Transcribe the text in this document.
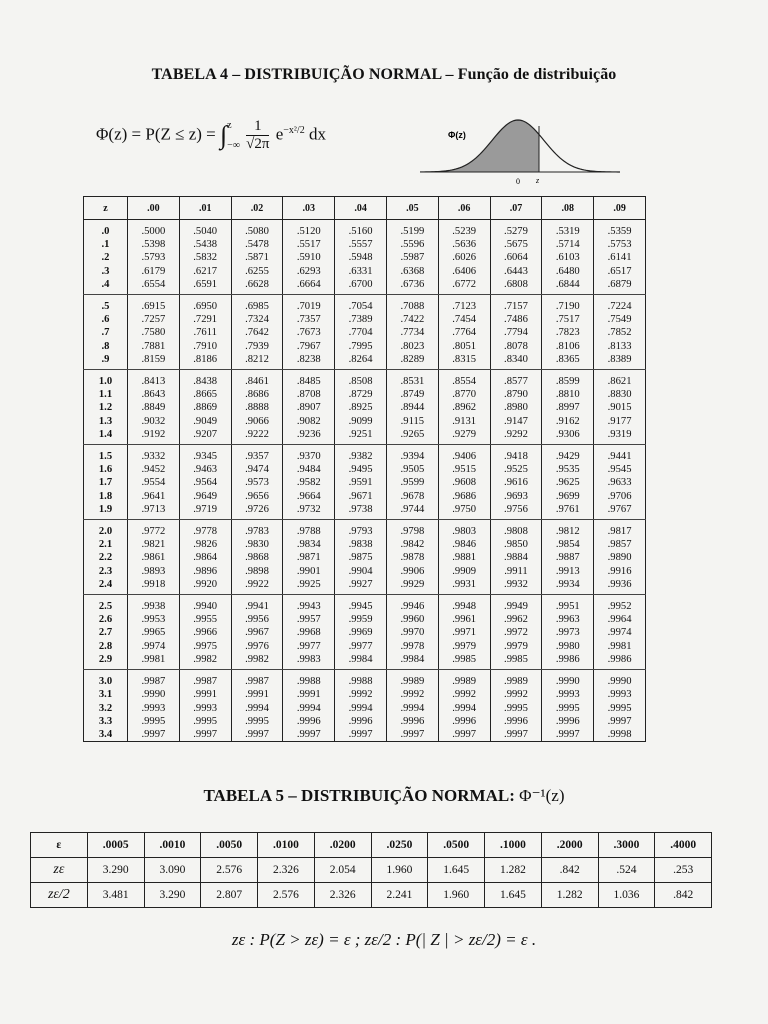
TABELA 4 – DISTRIBUIÇÃO NORMAL – Função de distribuição
Φ(z) = P(Z ≤ z) = ∫ z
−∞
$\frac{1}{√2\pi} e^{-x^2/2}$ dx	Φ(z)
0 z
z	.00	.01	.02	.03	.04	.05	.06	.07	.08	.09
.0	.5000	.5040	.5080	.5120	.5160	.5199	.5239	.5279	.5319	.5359
.1	.5398	.5438	.5478	.5517	.5557	.5596	.5636	.5675	.5714	.5753
.2	.5793	.5832	.5871	.5910	.5948	.5987	.6026	.6064	.6103	.6141
.3	.6179	.6217	.6255	.6293	.6331	.6368	.6406	.6443	.6480	.6517
.4	.6554	.6591	.6628	.6664	.6700	.6736	.6772	.6808	.6844	.6879
.5	.6915	.6950	.6985	.7019	.7054	.7088	.7123	.7157	.7190	.7224
.6	.7257	.7291	.7324	.7357	.7389	.7422	.7454	.7486	.7517	.7549
.7	.7580	.7611	.7642	.7673	.7704	.7734	.7764	.7794	.7823	.7852
.8	.7881	.7910	.7939	.7967	.7995	.8023	.8051	.8078	.8106	.8133
.9	.8159	.8186	.8212	.8238	.8264	.8289	.8315	.8340	.8365	.8389
1.0	.8413	.8438	.8461	.8485	.8508	.8531	.8554	.8577	.8599	.8621
1.1	.8643	.8665	.8686	.8708	.8729	.8749	.8770	.8790	.8810	.8830
1.2	.8849	.8869	.8888	.8907	.8925	.8944	.8962	.8980	.8997	.9015
1.3	.9032	.9049	.9066	.9082	.9099	.9115	.9131	.9147	.9162	.9177
1.4	.9192	.9207	.9222	.9236	.9251	.9265	.9279	.9292	.9306	.9319
1.5	.9332	.9345	.9357	.9370	.9382	.9394	.9406	.9418	.9429	.9441
1.6	.9452	.9463	.9474	.9484	.9495	.9505	.9515	.9525	.9535	.9545
1.7	.9554	.9564	.9573	.9582	.9591	.9599	.9608	.9616	.9625	.9633
1.8	.9641	.9649	.9656	.9664	.9671	.9678	.9686	.9693	.9699	.9706
1.9	.9713	.9719	.9726	.9732	.9738	.9744	.9750	.9756	.9761	.9767
2.0	.9772	.9778	.9783	.9788	.9793	.9798	.9803	.9808	.9812	.9817
2.1	.9821	.9826	.9830	.9834	.9838	.9842	.9846	.9850	.9854	.9857
2.2	.9861	.9864	.9868	.9871	.9875	.9878	.9881	.9884	.9887	.9890
2.3	.9893	.9896	.9898	.9901	.9904	.9906	.9909	.9911	.9913	.9916
2.4	.9918	.9920	.9922	.9925	.9927	.9929	.9931	.9932	.9934	.9936
2.5	.9938	.9940	.9941	.9943	.9945	.9946	.9948	.9949	.9951	.9952
2.6	.9953	.9955	.9956	.9957	.9959	.9960	.9961	.9962	.9963	.9964
2.7	.9965	.9966	.9967	.9968	.9969	.9970	.9971	.9972	.9973	.9974
2.8	.9974	.9975	.9976	.9977	.9977	.9978	.9979	.9979	.9980	.9981
2.9	.9981	.9982	.9982	.9983	.9984	.9984	.9985	.9985	.9986	.9986
3.0	.9987	.9987	.9987	.9988	.9988	.9989	.9989	.9989	.9990	.9990
3.1	.9990	.9991	.9991	.9991	.9992	.9992	.9992	.9992	.9993	.9993
3.2	.9993	.9993	.9994	.9994	.9994	.9994	.9994	.9995	.9995	.9995
3.3	.9995	.9995	.9995	.9996	.9996	.9996	.9996	.9996	.9996	.9997
3.4	.9997	.9997	.9997	.9997	.9997	.9997	.9997	.9997	.9997	.9998
TABELA 5 – DISTRIBUIÇÃO NORMAL: Φ⁻¹(z)
ε	.0005	.0010	.0050	.0100	.0200	.0250	.0500	.1000	.2000	.3000	.4000
zε	3.290	3.090	2.576	2.326	2.054	1.960	1.645	1.282	.842	.524	.253
zε/2	3.481	3.290	2.807	2.576	2.326	2.241	1.960	1.645	1.282	1.036	.842
zε : P(Z > zε) = ε ; zε/2 : P(| Z | > zε/2) = ε .
